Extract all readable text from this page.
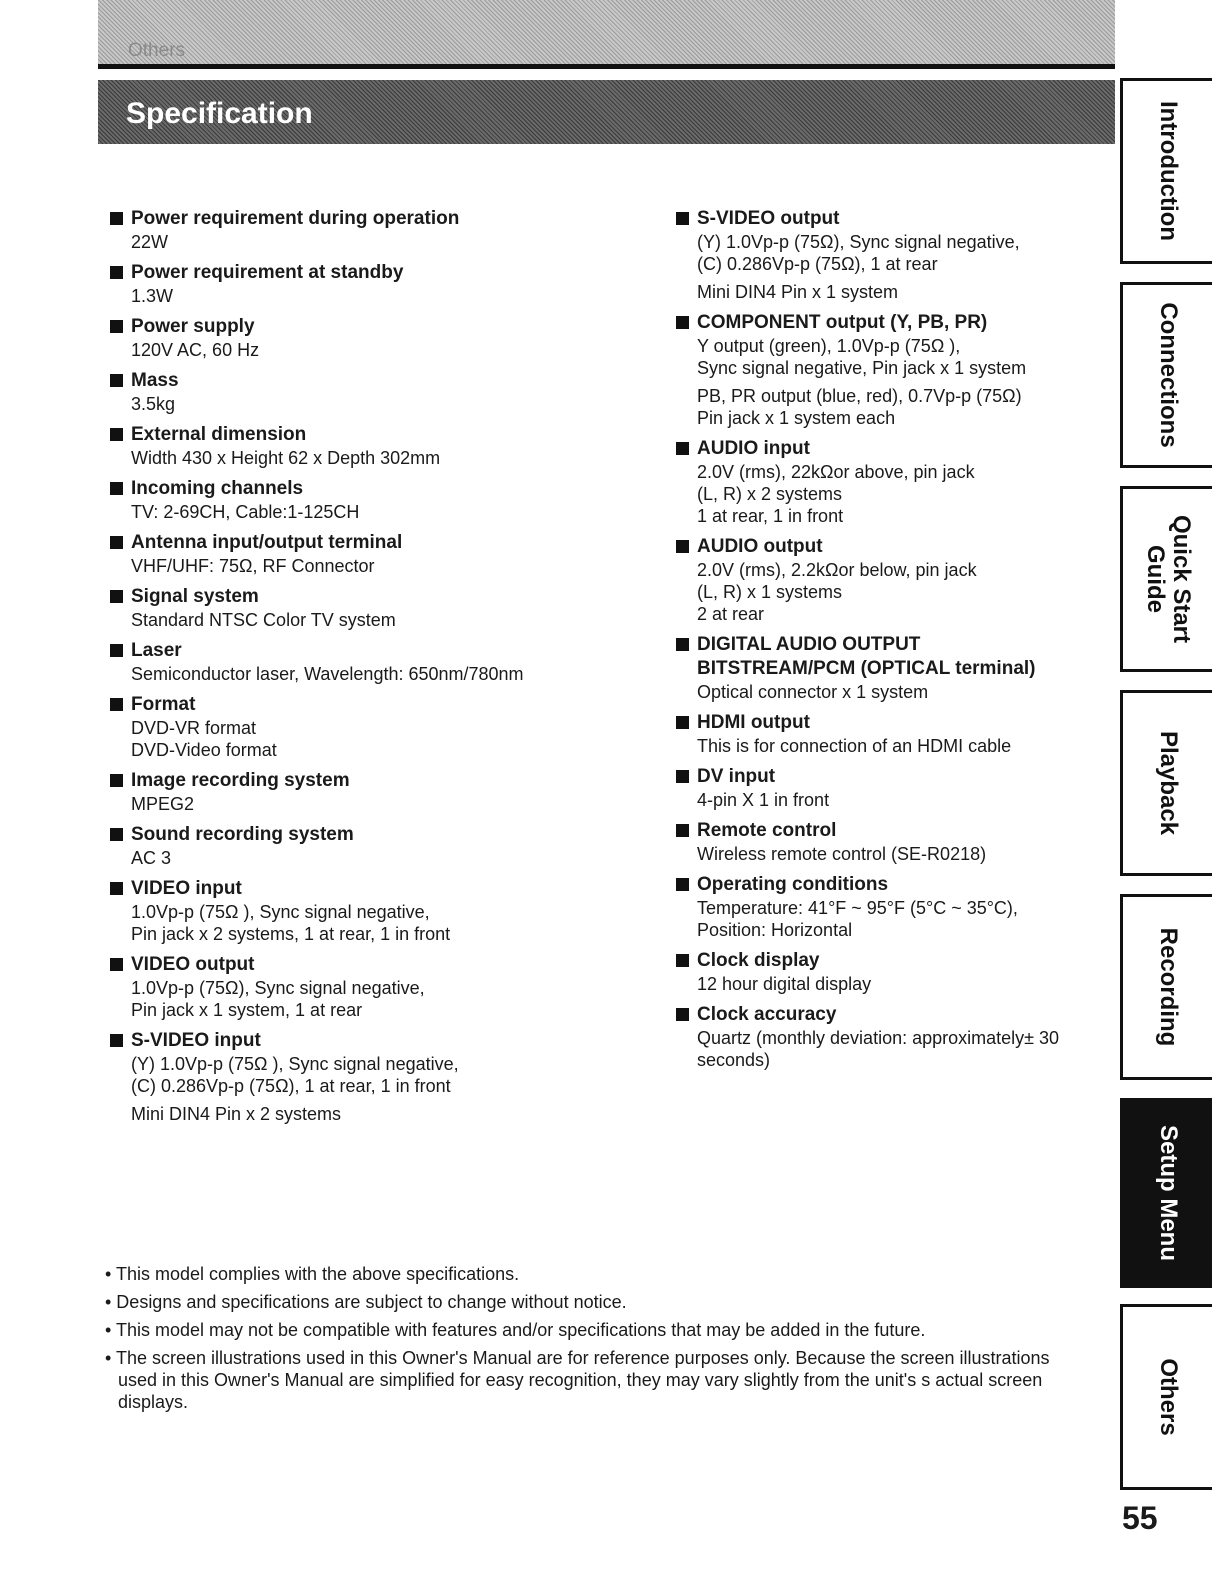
Others
Specification
Power requirement during operation
22W
Power requirement at standby
1.3W
Power supply
120V AC, 60 Hz
Mass
3.5kg
External dimension
Width 430 x Height 62 x Depth 302mm
Incoming channels
TV: 2-69CH, Cable:1-125CH
Antenna input/output terminal
VHF/UHF: 75Ω, RF Connector
Signal system
Standard NTSC Color TV system
Laser
Semiconductor laser, Wavelength: 650nm/780nm
Format
DVD-VR format
DVD-Video format
Image recording system
MPEG2
Sound recording system
AC 3
VIDEO input
1.0Vp-p (75Ω ), Sync signal negative,
Pin jack x 2 systems, 1 at rear, 1 in front
VIDEO output
1.0Vp-p (75Ω), Sync signal negative,
Pin jack x 1 system, 1 at rear
S-VIDEO input
(Y) 1.0Vp-p (75Ω ), Sync signal negative,
(C) 0.286Vp-p (75Ω), 1 at rear, 1 in front
Mini DIN4 Pin x 2 systems
S-VIDEO output
(Y) 1.0Vp-p (75Ω), Sync signal negative,
(C) 0.286Vp-p (75Ω), 1 at rear
Mini DIN4 Pin x 1 system
COMPONENT output (Y, PB, PR)
Y output (green), 1.0Vp-p (75Ω ),
Sync signal negative, Pin jack x 1 system
PB, PR output (blue, red), 0.7Vp-p (75Ω)
Pin jack x 1 system each
AUDIO input
2.0V (rms), 22kΩor above, pin jack
(L, R) x 2 systems
1 at rear, 1 in front
AUDIO output
2.0V (rms), 2.2kΩor below, pin jack
(L, R) x 1 systems
2 at rear
DIGITAL AUDIO OUTPUT
BITSTREAM/PCM (OPTICAL terminal)
Optical connector x 1 system
HDMI output
This is for connection of an HDMI cable
DV input
4-pin X 1 in front
Remote control
Wireless remote control (SE-R0218)
Operating conditions
Temperature: 41°F ~ 95°F (5°C ~ 35°C),
Position: Horizontal
Clock display
12 hour digital display
Clock accuracy
Quartz (monthly deviation: approximately± 30
seconds)
• This model complies with the above specifications.
• Designs and specifications are subject to change without notice.
• This model may not be compatible with features and/or specifications that may be added in the future.
• The screen illustrations used in this Owner's Manual are for reference purposes only. Because the screen illustrations used in this Owner's Manual are simplified for easy recognition, they may vary slightly from the unit's s actual screen displays.
Introduction
Connections
Quick Start
Guide
Playback
Recording
Setup Menu
Others
55
